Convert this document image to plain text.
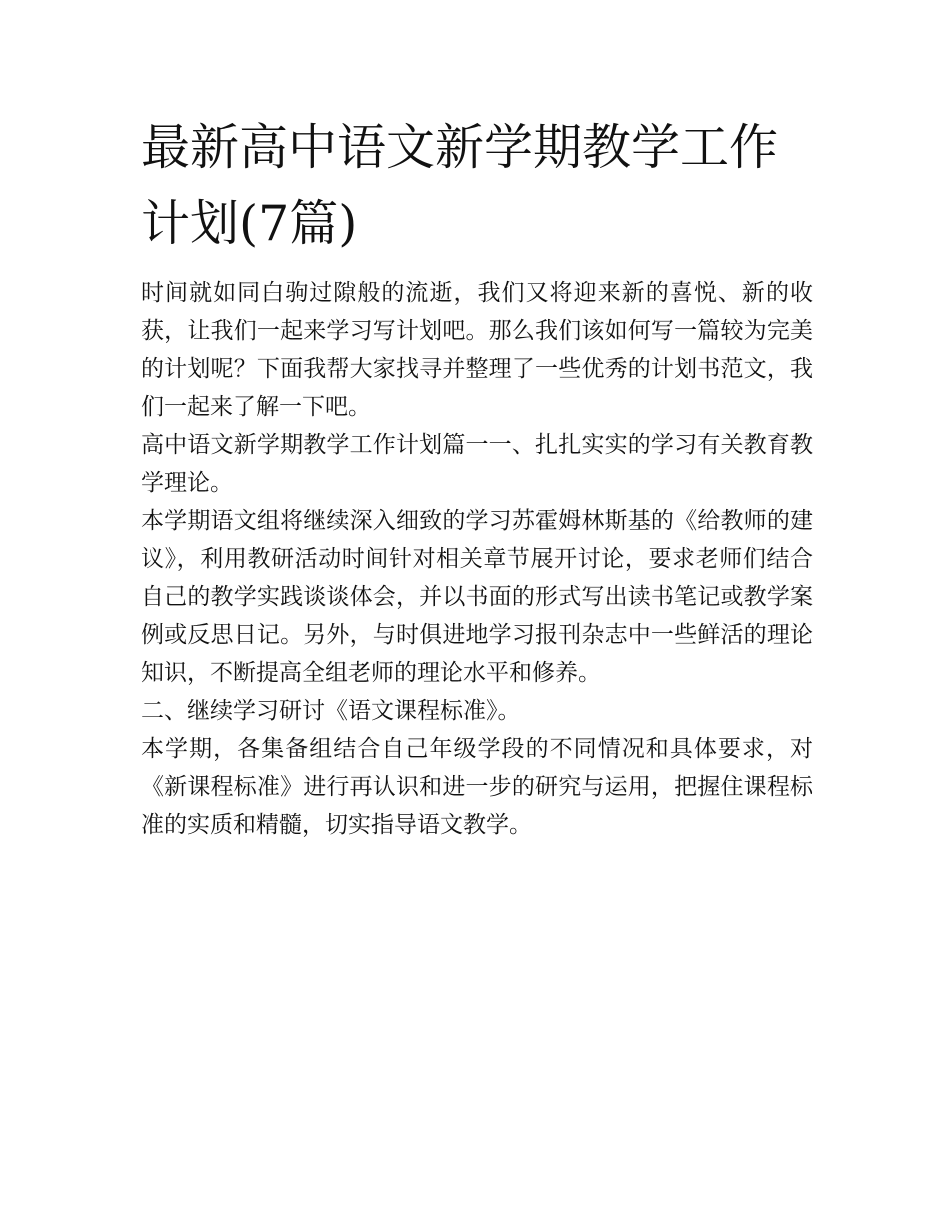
最新高中语文新学期教学工作计划(7篇)

时间就如同白驹过隙般的流逝，我们又将迎来新的喜悦、新的收获，让我们一起来学习写计划吧。那么我们该如何写一篇较为完美的计划呢？下面我帮大家找寻并整理了一些优秀的计划书范文，我们一起来了解一下吧。

高中语文新学期教学工作计划篇一一、扎扎实实的学习有关教育教学理论。

本学期语文组将继续深入细致的学习苏霍姆林斯基的《给教师的建议》，利用教研活动时间针对相关章节展开讨论，要求老师们结合自己的教学实践谈谈体会，并以书面的形式写出读书笔记或教学案例或反思日记。另外，与时俱进地学习报刊杂志中一些鲜活的理论知识，不断提高全组老师的理论水平和修养。

二、继续学习研讨《语文课程标准》。

本学期，各集备组结合自己年级学段的不同情况和具体要求，对《新课程标准》进行再认识和进一步的研究与运用，把握住课程标准的实质和精髓，切实指导语文教学。
